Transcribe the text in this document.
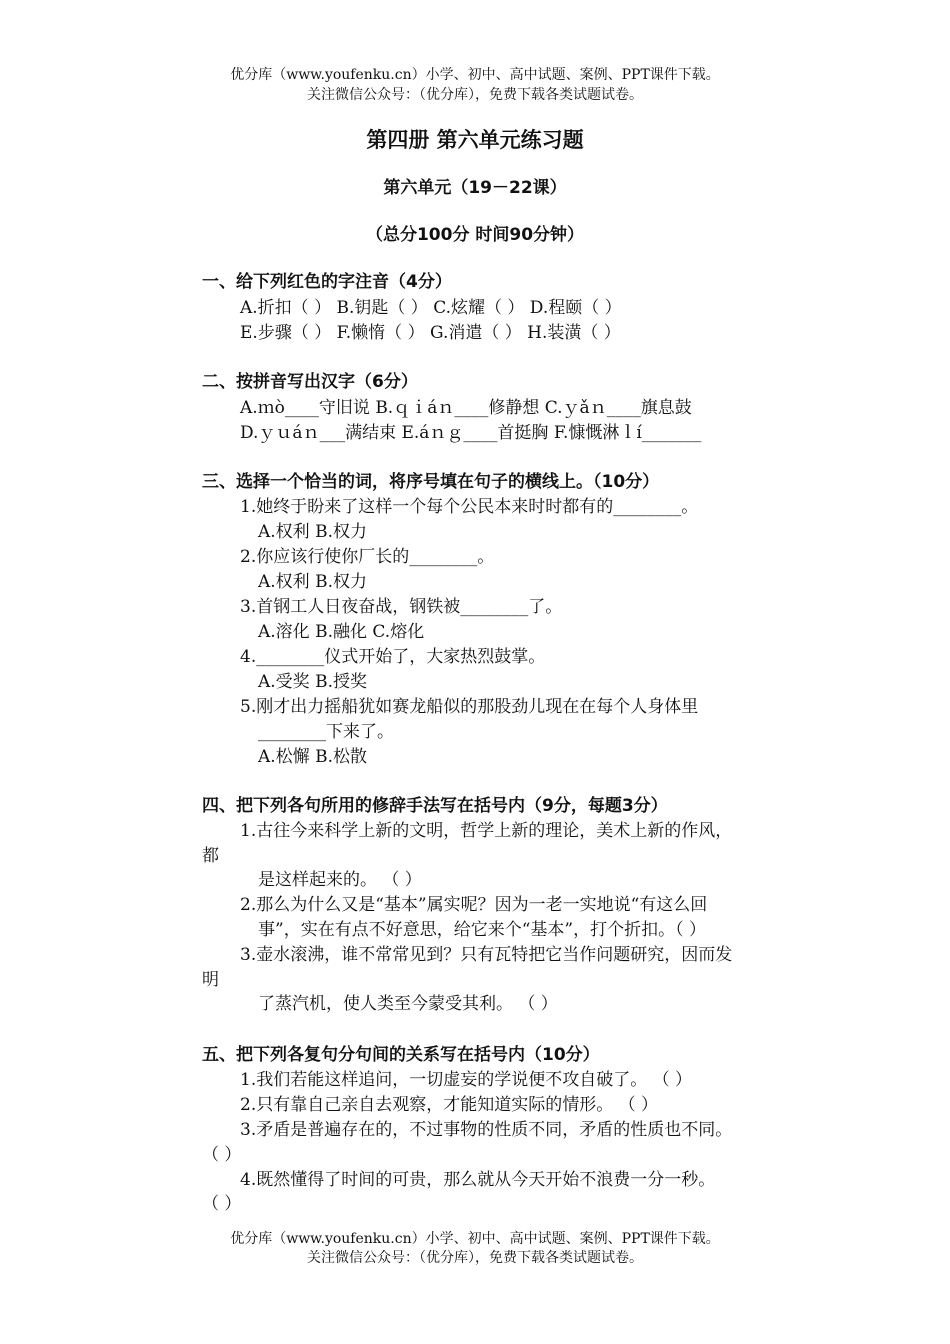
优分库（www.youfenku.cn）小学、初中、高中试题、案例、PPT课件下载。
关注微信公众号：（优分库），免费下载各类试题试卷。
第四册 第六单元练习题
第六单元（19－22课）
（总分100分 时间90分钟）
一、给下列红色的字注音（4分）
A.折扣（ ） B.钥匙（ ） C.炫耀（ ） D.程颐（ ）
E.步骤（ ） F.懒惰（ ） G.消遣（ ） H.装潢（ ）
二、按拼音写出汉字（6分）
A.ｍò____守旧说 B.ｑｉáｎ____修静想 C.ｙǎｎ____旗息鼓
D.ｙｕáｎ___满结束 E.áｎｇ____首挺胸 F.慷慨淋ｌí_______
三、选择一个恰当的词，将序号填在句子的横线上。（10分）
1.她终于盼来了这样一个每个公民本来时时都有的________。
A.权利 B.权力
2.你应该行使你厂长的________。
A.权利 B.权力
3.首钢工人日夜奋战，钢铁被________了。
A.溶化 B.融化 C.熔化
4.________仪式开始了，大家热烈鼓掌。
A.受奖 B.授奖
5.刚才出力摇船犹如赛龙船似的那股劲儿现在在每个人身体里
________下来了。
A.松懈 B.松散
四、把下列各句所用的修辞手法写在括号内（9分，每题3分）
1.古往今来科学上新的文明，哲学上新的理论，美术上新的作风，
都
是这样起来的。 （ ）
2.那么为什么又是“基本”属实呢？因为一老一实地说“有这么回
事”，实在有点不好意思，给它来个“基本”，打个折扣。（ ）
3.壶水滚沸，谁不常常见到？只有瓦特把它当作问题研究，因而发
明
了蒸汽机，使人类至今蒙受其利。 （ ）
五、把下列各复句分句间的关系写在括号内（10分）
1.我们若能这样追问，一切虚妄的学说便不攻自破了。 （ ）
2.只有靠自己亲自去观察，才能知道实际的情形。 （ ）
3.矛盾是普遍存在的，不过事物的性质不同，矛盾的性质也不同。
（ ）
4.既然懂得了时间的可贵，那么就从今天开始不浪费一分一秒。
（ ）
优分库（www.youfenku.cn）小学、初中、高中试题、案例、PPT课件下载。
关注微信公众号：（优分库），免费下载各类试题试卷。
